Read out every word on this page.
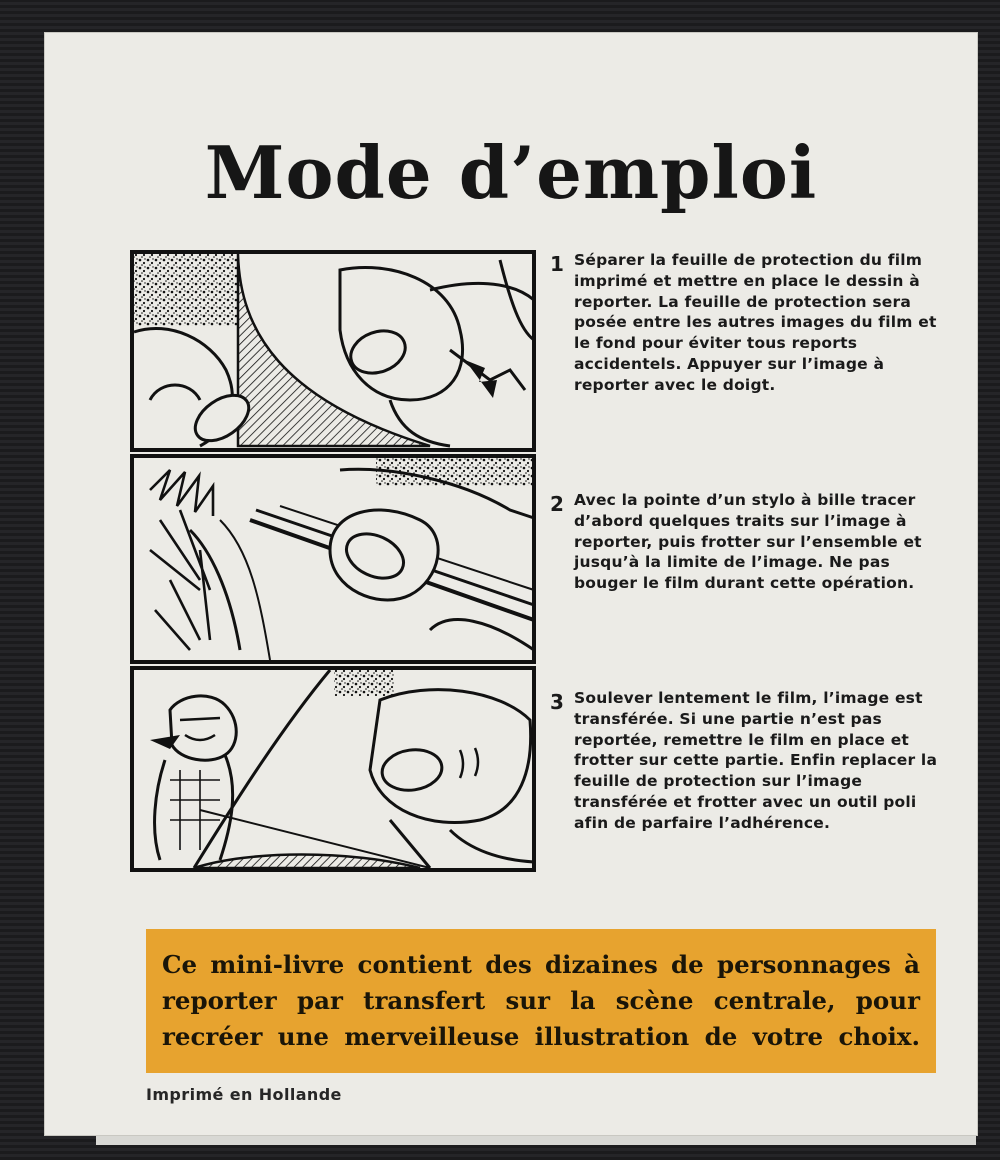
Mode d’emploi
1 Séparer la feuille de protection du film imprimé et mettre en place le dessin à reporter. La feuille de protection sera posée entre les autres images du film et le fond pour éviter tous reports accidentels. Appuyer sur l’image à reporter avec le doigt.
2 Avec la pointe d’un stylo à bille tracer d’abord quelques traits sur l’image à reporter, puis frotter sur l’ensemble et jusqu’à la limite de l’image. Ne pas bouger le film durant cette opération.
3 Soulever lentement le film, l’image est transférée. Si une partie n’est pas reportée, remettre le film en place et frotter sur cette partie. Enfin replacer la feuille de protection sur l’image transférée et frotter avec un outil poli afin de parfaire l’adhérence.
Ce mini-livre contient des dizaines de personnages à reporter par transfert sur la scène centrale, pour recréer une merveilleuse illustration de votre choix.
Imprimé en Hollande
